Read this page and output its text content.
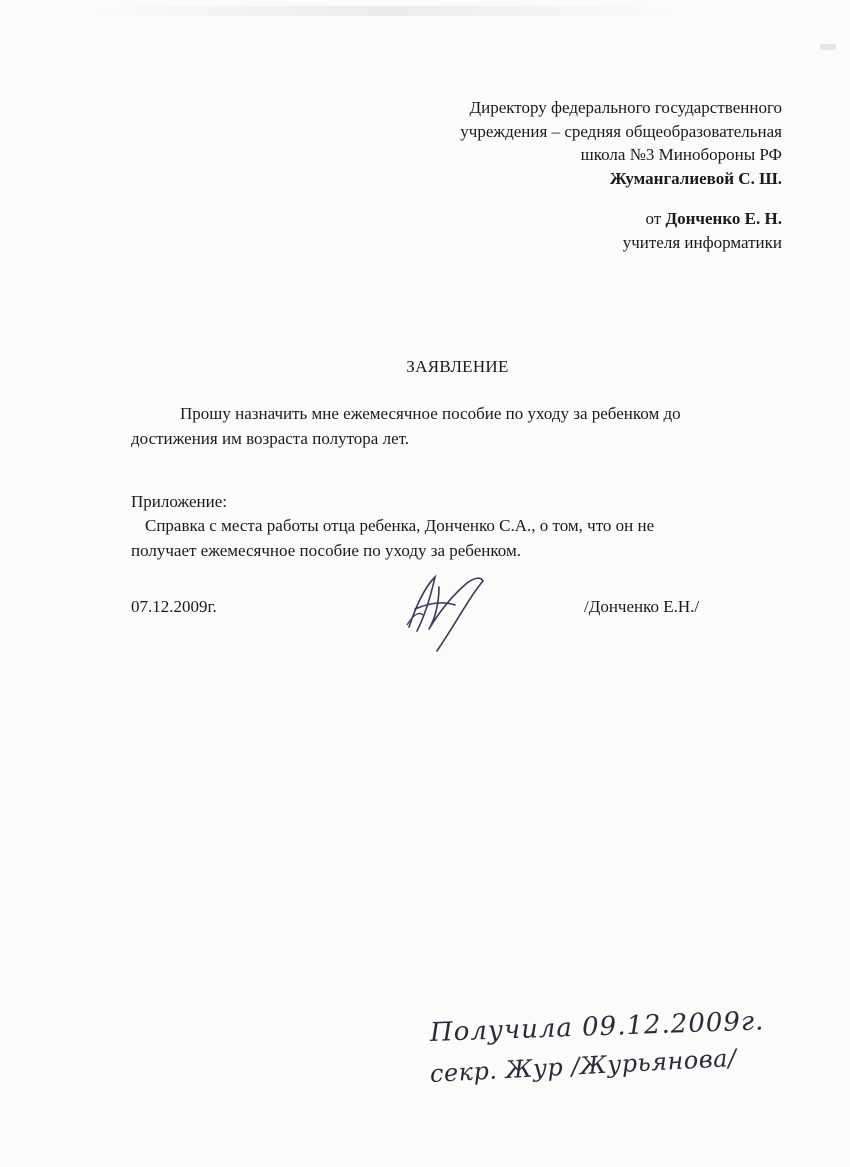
Директору федерального государственного
учреждения – средняя общеобразовательная
школа №3 Минобороны РФ
Жумангалиевой С. Ш.
от Донченко Е. Н.
учителя информатики
ЗАЯВЛЕНИЕ
Прошу назначить мне ежемесячное пособие по уходу за ребенком до
достижения им возраста полутора лет.
Приложение:
Справка с места работы отца ребенка, Донченко С.А., о том, что он не
получает ежемесячное пособие по уходу за ребенком.
07.12.2009г.	/Донченко Е.Н./
Получила 09.12.2009г.
секр. Жур /Журьянова/
